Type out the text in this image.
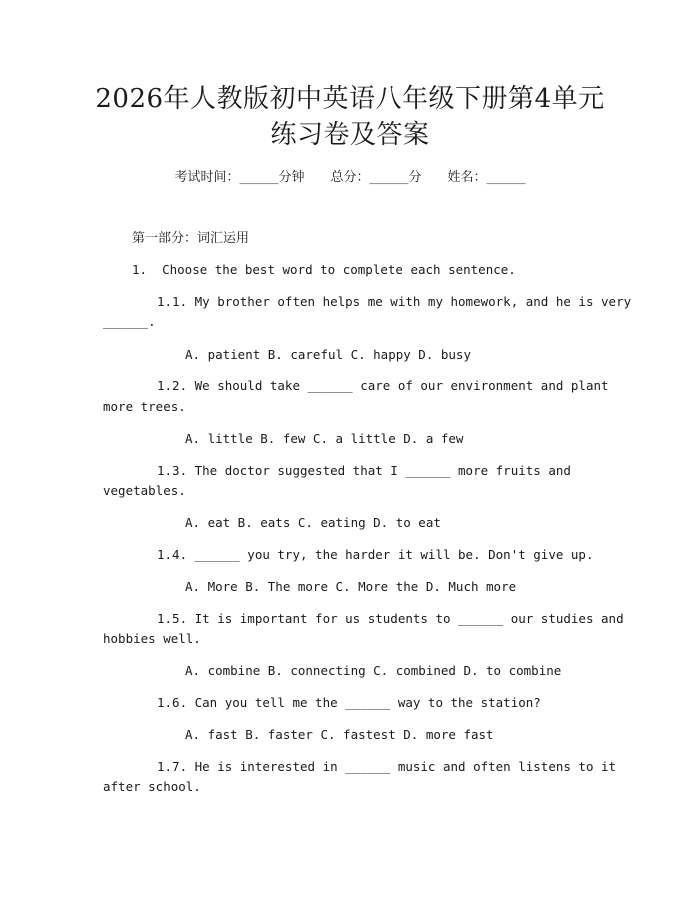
2026年人教版初中英语八年级下册第4单元
练习卷及答案
考试时间：______分钟 总分：______分 姓名：______
第一部分：词汇运用
1.  Choose the best word to complete each sentence.
1.1. My brother often helps me with my homework, and he is very
______.
A. patient B. careful C. happy D. busy
1.2. We should take ______ care of our environment and plant
more trees.
A. little B. few C. a little D. a few
1.3. The doctor suggested that I ______ more fruits and
vegetables.
A. eat B. eats C. eating D. to eat
1.4. ______ you try, the harder it will be. Don't give up.
A. More B. The more C. More the D. Much more
1.5. It is important for us students to ______ our studies and
hobbies well.
A. combine B. connecting C. combined D. to combine
1.6. Can you tell me the ______ way to the station?
A. fast B. faster C. fastest D. more fast
1.7. He is interested in ______ music and often listens to it
after school.
